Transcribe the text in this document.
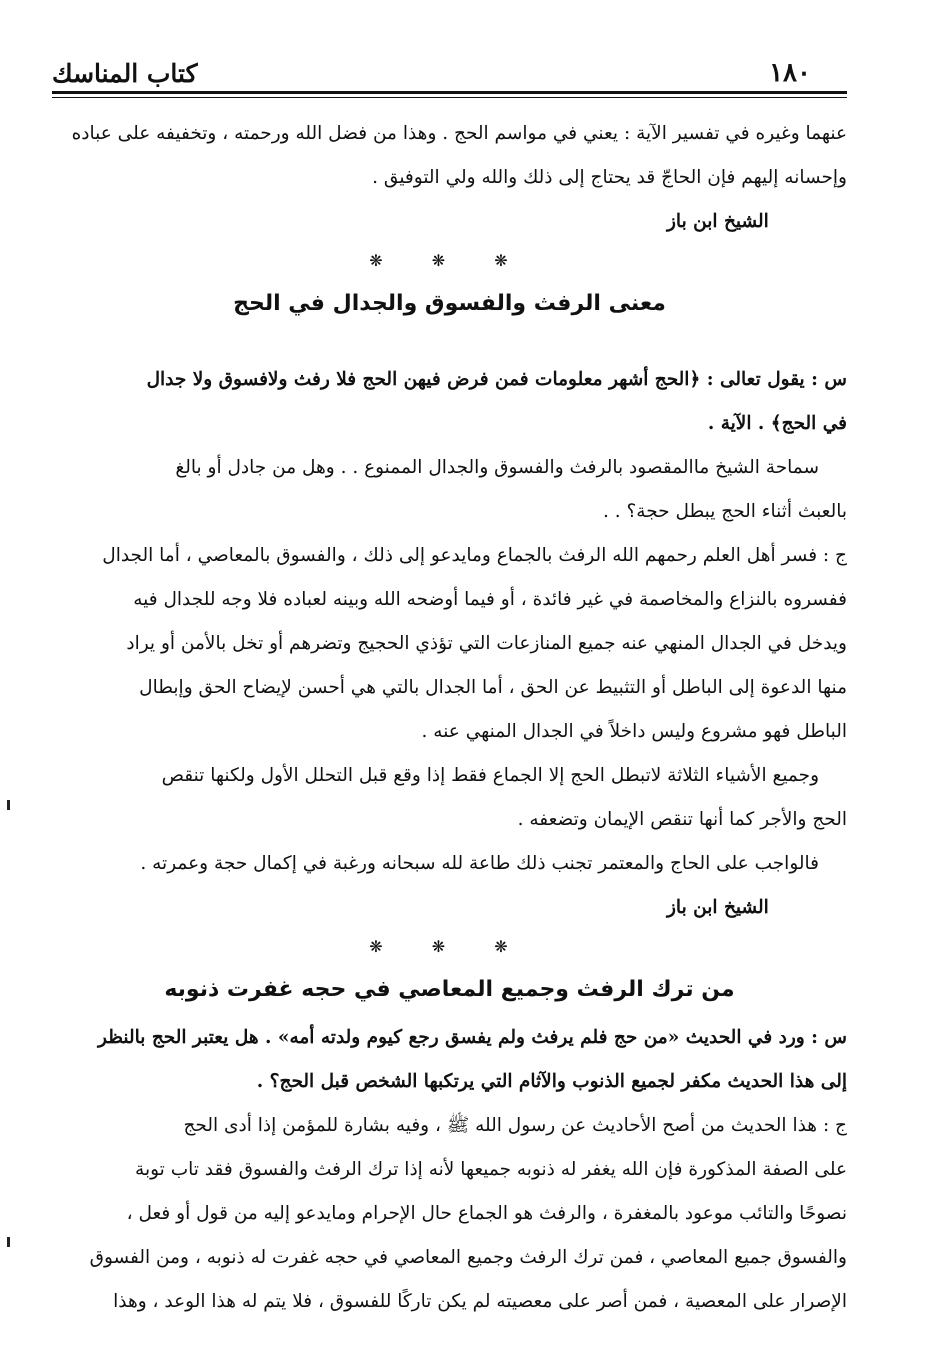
١٨٠
كتاب المناسك

عنهما وغيره في تفسير الآية : يعني في مواسم الحج . وهذا من فضل الله ورحمته ، وتخفيفه على عباده

وإحسانه إليهم فإن الحاجّ قد يحتاج إلى ذلك والله ولي التوفيق .

الشيخ ابن باز
❋ ❋ ❋
معنى الرفث والفسوق والجدال في الحج

س : يقول تعالى : ﴿الحج أشهر معلومات فمن فرض فيهن الحج فلا رفث ولافسوق ولا جدال

في الحج﴾ . الآية .

سماحة الشيخ ماالمقصود بالرفث والفسوق والجدال الممنوع . . وهل من جادل أو بالغ

بالعبث أثناء الحج يبطل حجة؟ . .

ج : فسر أهل العلم رحمهم الله الرفث بالجماع ومايدعو إلى ذلك ، والفسوق بالمعاصي ، أما الجدال

ففسروه بالنزاع والمخاصمة في غير فائدة ، أو فيما أوضحه الله وبينه لعباده فلا وجه للجدال فيه

ويدخل في الجدال المنهي عنه جميع المنازعات التي تؤذي الحجيج وتضرهم أو تخل بالأمن أو يراد

منها الدعوة إلى الباطل أو التثبيط عن الحق ، أما الجدال بالتي هي أحسن لإيضاح الحق وإبطال

الباطل فهو مشروع وليس داخلاً في الجدال المنهي عنه .

وجميع الأشياء الثلاثة لاتبطل الحج إلا الجماع فقط إذا وقع قبل التحلل الأول ولكنها تنقص

الحج والأجر كما أنها تنقص الإيمان وتضعفه .

فالواجب على الحاج والمعتمر تجنب ذلك طاعة لله سبحانه ورغبة في إكمال حجة وعمرته .

الشيخ ابن باز
❋ ❋ ❋
من ترك الرفث وجميع المعاصي في حجه غفرت ذنوبه

س : ورد في الحديث «من حج فلم يرفث ولم يفسق رجع كيوم ولدته أمه» . هل يعتبر الحج بالنظر

إلى هذا الحديث مكفر لجميع الذنوب والآثام التي يرتكبها الشخص قبل الحج؟ .

ج : هذا الحديث من أصح الأحاديث عن رسول الله ﷺ ، وفيه بشارة للمؤمن إذا أدى الحج

على الصفة المذكورة فإن الله يغفر له ذنوبه جميعها لأنه إذا ترك الرفث والفسوق فقد تاب توبة

نصوحًا والتائب موعود بالمغفرة ، والرفث هو الجماع حال الإحرام ومايدعو إليه من قول أو فعل ،

والفسوق جميع المعاصي ، فمن ترك الرفث وجميع المعاصي في حجه غفرت له ذنوبه ، ومن الفسوق

الإصرار على المعصية ، فمن أصر على معصيته لم يكن تاركًا للفسوق ، فلا يتم له هذا الوعد ، وهذا
